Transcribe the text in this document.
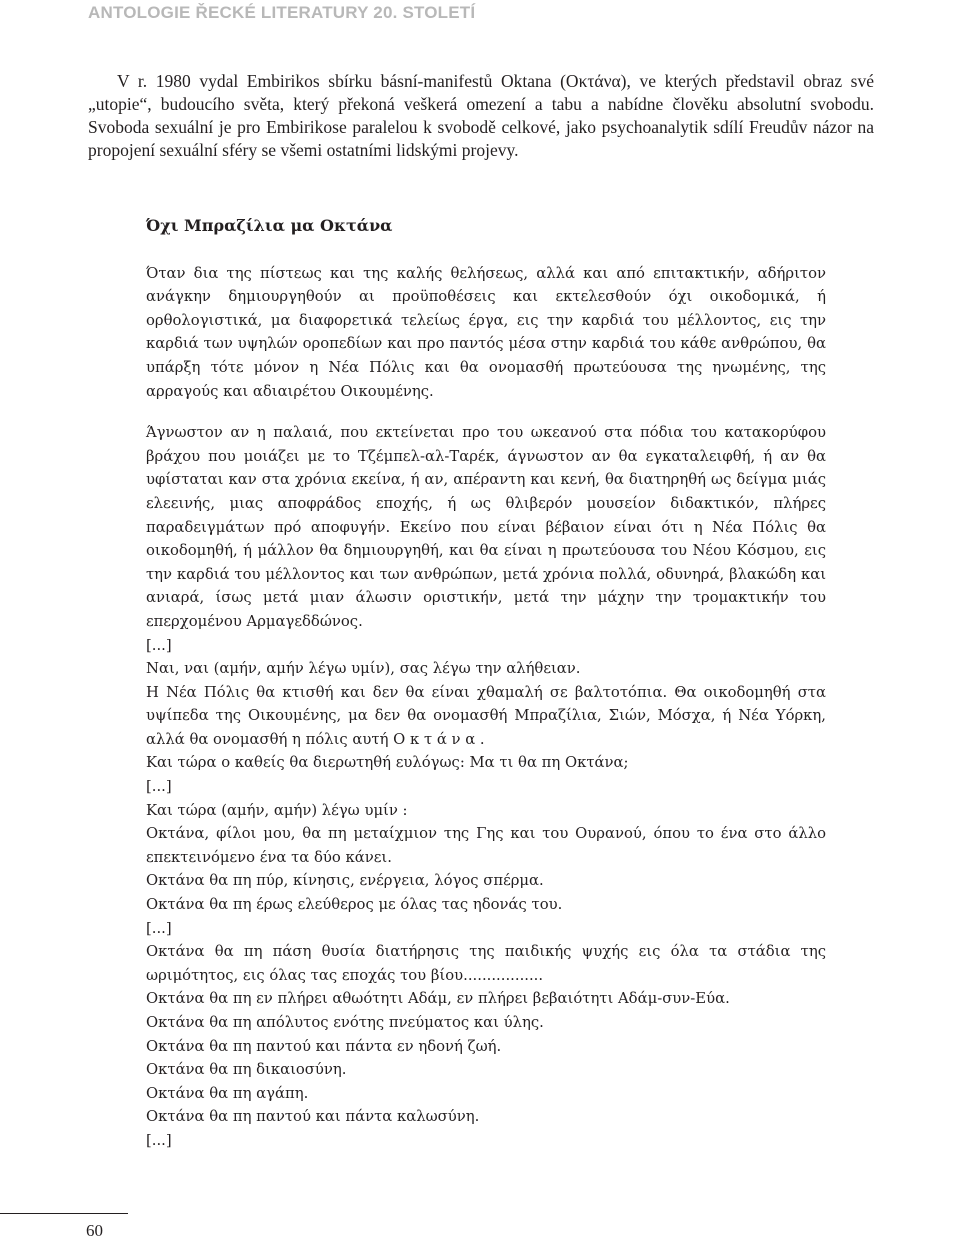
ANTOLOGIE ŘECKÉ LITERATURY 20. STOLETÍ

V r. 1980 vydal Embirikos sbírku básní-manifestů Oktana (Οκτάνα), ve kterých představil obraz své „utopie“, budoucího světa, který překoná veškerá omezení a tabu a nabídne člověku absolutní svobodu. Svoboda sexuální je pro Embirikose paralelou k svobodě celkové, jako psychoanalytik sdílí Freudův názor na propojení sexuální sféry se všemi ostatními lidskými projevy.

Όχι Μπραζίλια μα Οκτάνα

Όταν δια της πίστεως και της καλής θελήσεως, αλλά και από επιτακτικήν, αδήριτον ανάγκην δημιουργηθούν αι προϋποθέσεις και εκτελεσθούν όχι οικοδομικά, ή ορθολογιστικά, μα διαφορετικά τελείως έργα, εις την καρδιά του μέλλοντος, εις την καρδιά των υψηλών οροπεδίων και προ παντός μέσα στην καρδιά του κάθε ανθρώπου, θα υπάρξη τότε μόνον η Νέα Πόλις και θα ονομασθή πρωτεύουσα της ηνωμένης, της αρραγούς και αδιαιρέτου Οικουμένης.

Άγνωστον αν η παλαιά, που εκτείνεται προ του ωκεανού στα πόδια του κατακορύφου βράχου που μοιάζει με το Τζέμπελ-αλ-Ταρέκ, άγνωστον αν θα εγκαταλειφθή, ή αν θα υφίσταται καν στα χρόνια εκείνα, ή αν, απέραντη και κενή, θα διατηρηθή ως δείγμα μιάς ελεεινής, μιας αποφράδος εποχής, ή ως θλιβερόν μουσείον διδακτικόν, πλήρες παραδειγμάτων πρό αποφυγήν. Εκείνο που είναι βέβαιον είναι ότι η Νέα Πόλις θα οικοδομηθή, ή μάλλον θα δημιουργηθή, και θα είναι η πρωτεύουσα του Νέου Κόσμου, εις την καρδιά του μέλλοντος και των ανθρώπων, μετά χρόνια πολλά, οδυνηρά, βλακώδη και ανιαρά, ίσως μετά μιαν άλωσιν οριστικήν, μετά την μάχην την τρομακτικήν του επερχομένου Αρμαγεδδώνος.

[...]

Ναι, ναι (αμήν, αμήν λέγω υμίν), σας λέγω την αλήθειαν.

Η Νέα Πόλις θα κτισθή και δεν θα είναι χθαμαλή σε βαλτοτόπια. Θα οικοδομηθή στα υψίπεδα της Οικουμένης, μα δεν θα ονομασθή Μπραζίλια, Σιών, Μόσχα, ή Νέα Υόρκη, αλλά θα ονομασθή η πόλις αυτή Ο κ τ ά ν α .

Και τώρα ο καθείς θα διερωτηθή ευλόγως: Μα τι θα πη Οκτάνα;

[...]

Και τώρα (αμήν, αμήν) λέγω υμίν :

Οκτάνα, φίλοι μου, θα πη μεταίχμιον της Γης και του Ουρανού, όπου το ένα στο άλλο επεκτεινόμενο ένα τα δύο κάνει.

Οκτάνα θα πη πύρ, κίνησις, ενέργεια, λόγος σπέρμα.

Οκτάνα θα πη έρως ελεύθερος με όλας τας ηδονάς του.

[...]

Οκτάνα θα πη πάση θυσία διατήρησις της παιδικής ψυχής εις όλα τα στάδια της ωριμότητος, εις όλας τας εποχάς του βίου.................

Οκτάνα θα πη εν πλήρει αθωότητι Αδάμ, εν πλήρει βεβαιότητι Αδάμ-συν-Εύα.

Οκτάνα θα πη απόλυτος ενότης πνεύματος και ύλης.

Οκτάνα θα πη παντού και πάντα εν ηδονή ζωή.

Οκτάνα θα πη δικαιοσύνη.

Οκτάνα θα πη αγάπη.

Οκτάνα θα πη παντού και πάντα καλωσύνη.

[...]

60
